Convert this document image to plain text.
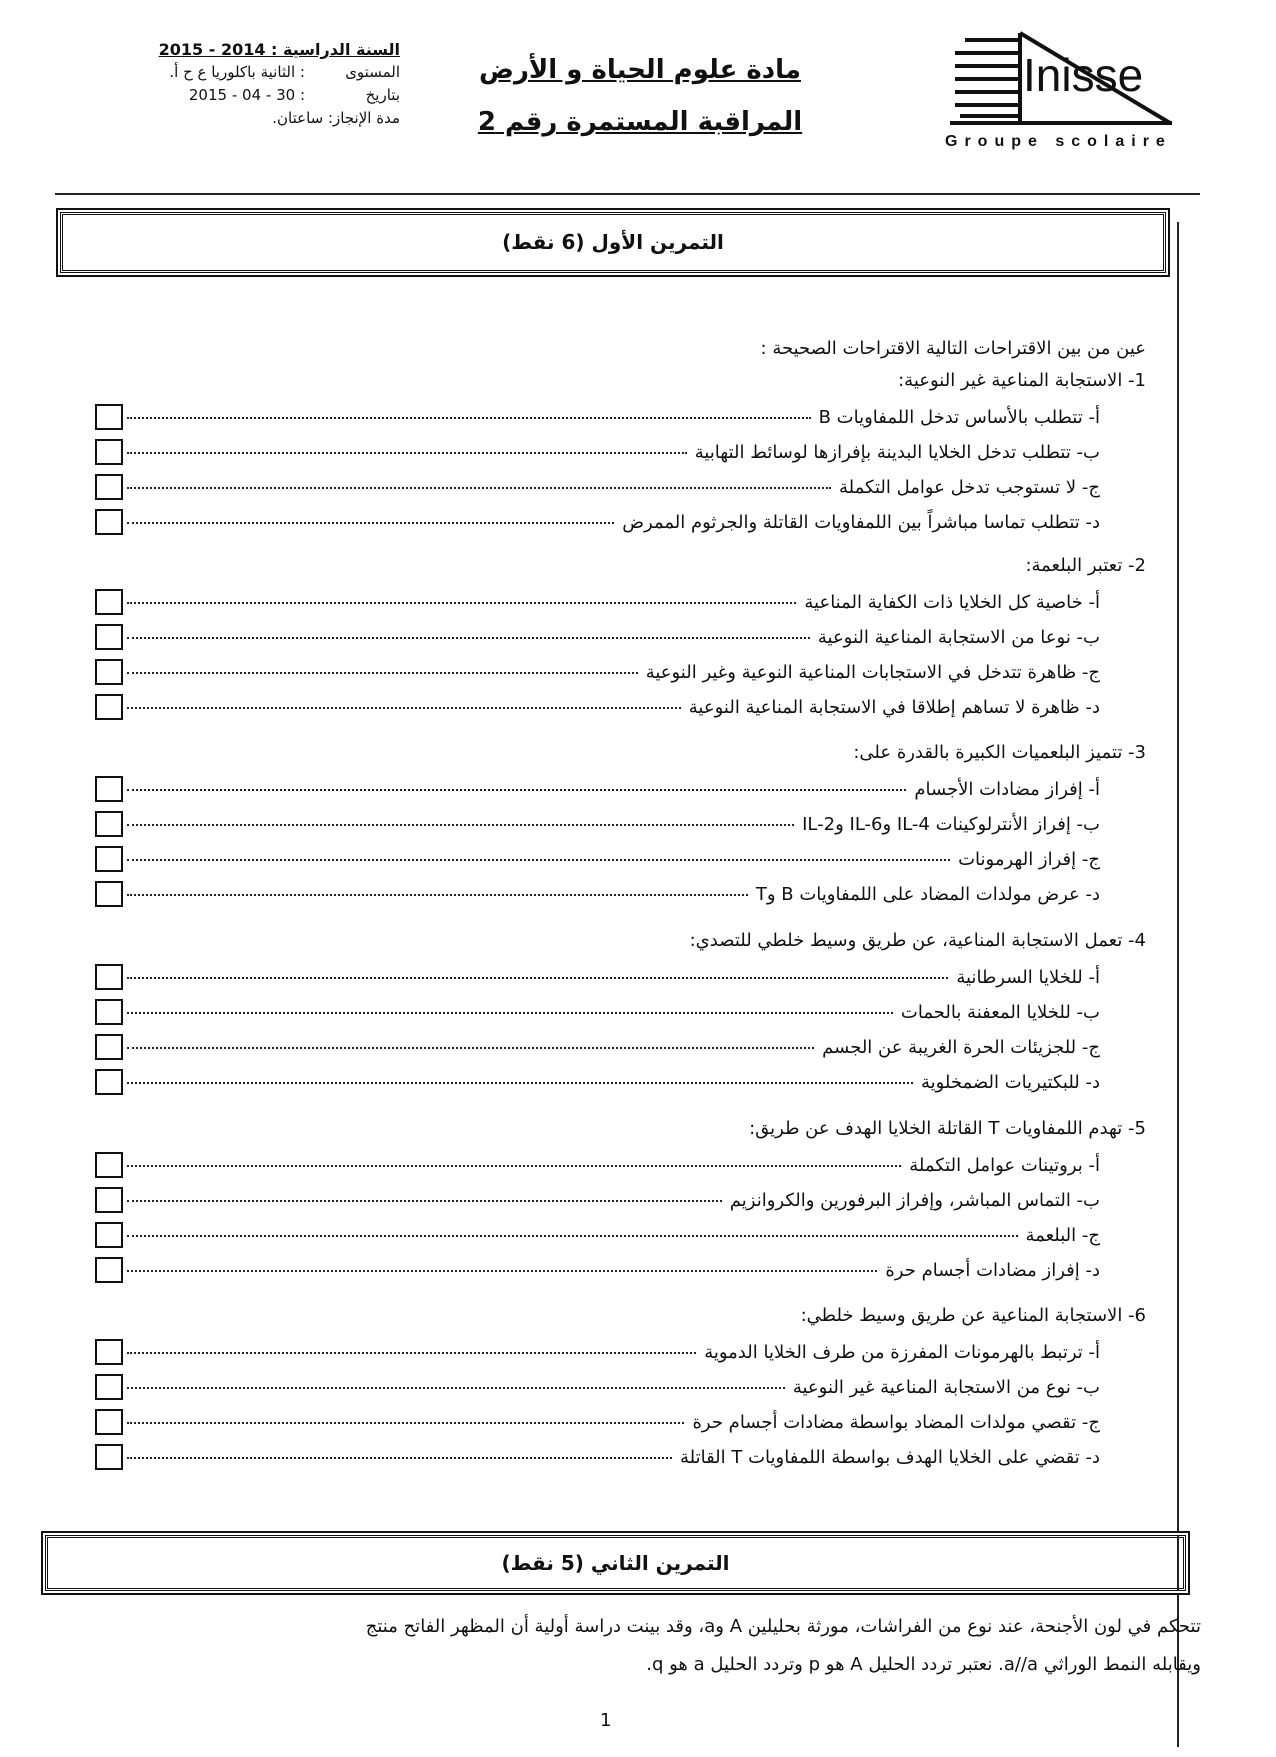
السنة الدراسية : 2014 - 2015
المستوى
: الثانية باكلوريا ع ح أ.
بتاريخ
: 30 - 04 - 2015
مدة الإنجاز: ساعتان.
مادة علوم الحياة و الأرض
المراقبة المستمرة رقم 2
Inisse
Groupe scolaire
التمرين الأول (6 نقط)
عين من بين الاقتراحات التالية الاقتراحات الصحيحة :
1- الاستجابة المناعية غير النوعية:
أ- تتطلب بالأساس تدخل اللمفاويات B
ب- تتطلب تدخل الخلايا البدينة بإفرازها لوسائط التهابية
ج- لا تستوجب تدخل عوامل التكملة
د- تتطلب تماسا مباشراً بين اللمفاويات القاتلة والجرثوم الممرض
2- تعتبر البلعمة:
أ- خاصية كل الخلايا ذات الكفاية المناعية
ب- نوعا من الاستجابة المناعية النوعية
ج- ظاهرة تتدخل في الاستجابات المناعية النوعية وغير النوعية
د- ظاهرة لا تساهم إطلاقا في الاستجابة المناعية النوعية
3- تتميز البلعميات الكبيرة بالقدرة على:
أ- إفراز مضادات الأجسام
ب- إفراز الأنترلوكينات IL-4 وIL-6 وIL-2
ج- إفراز الهرمونات
د- عرض مولدات المضاد على اللمفاويات B وT
4- تعمل الاستجابة المناعية، عن طريق وسيط خلطي للتصدي:
أ- للخلايا السرطانية
ب- للخلايا المعفنة بالحمات
ج- للجزيئات الحرة الغريبة عن الجسم
د- للبكتيريات الضمخلوية
5- تهدم اللمفاويات T القاتلة الخلايا الهدف عن طريق:
أ- بروتينات عوامل التكملة
ب- التماس المباشر، وإفراز البرفورين والكروانزيم
ج- البلعمة
د- إفراز مضادات أجسام حرة
6- الاستجابة المناعية عن طريق وسيط خلطي:
أ- ترتبط بالهرمونات المفرزة من طرف الخلايا الدموية
ب- نوع من الاستجابة المناعية غير النوعية
ج- تقصي مولدات المضاد بواسطة مضادات أجسام حرة
د- تقضي على الخلايا الهدف بواسطة اللمفاويات T القاتلة
التمرين الثاني (5 نقط)
تتحكم في لون الأجنحة، عند نوع من الفراشات، مورثة بحليلين A وa، وقد بينت دراسة أولية أن المظهر الفاتح منتج
ويقابله النمط الوراثي a//a. نعتبر تردد الحليل A هو p وتردد الحليل a هو q.
1
